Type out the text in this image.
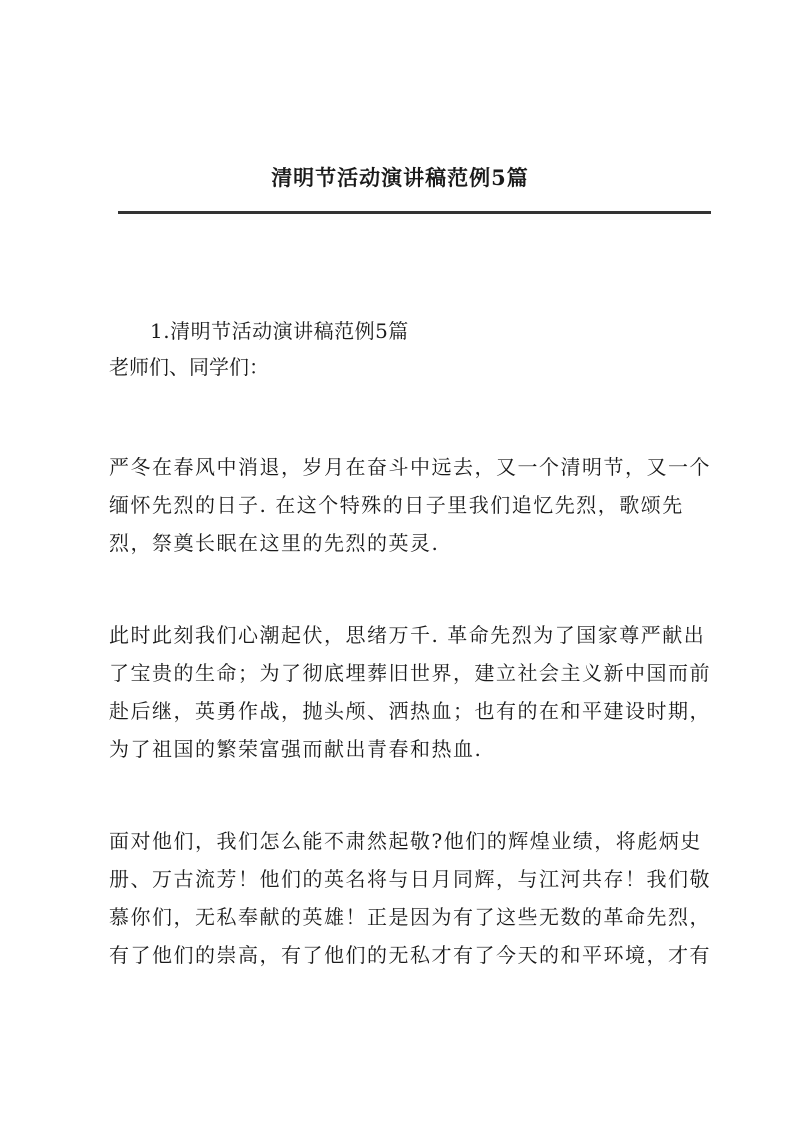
清明节活动演讲稿范例5篇
1.清明节活动演讲稿范例5篇
老师们、同学们：
严冬在春风中消退，岁月在奋斗中远去，又一个清明节，又一个
缅怀先烈的日子. 在这个特殊的日子里我们追忆先烈，歌颂先
烈，祭奠长眠在这里的先烈的英灵.
此时此刻我们心潮起伏，思绪万千. 革命先烈为了国家尊严献出
了宝贵的生命；为了彻底埋葬旧世界，建立社会主义新中国而前
赴后继，英勇作战，抛头颅、洒热血；也有的在和平建设时期，
为了祖国的繁荣富强而献出青春和热血.
面对他们，我们怎么能不肃然起敬?他们的辉煌业绩，将彪炳史
册、万古流芳！他们的英名将与日月同辉，与江河共存！我们敬
慕你们，无私奉献的英雄！正是因为有了这些无数的革命先烈，
有了他们的崇高，有了他们的无私才有了今天的和平环境，才有
